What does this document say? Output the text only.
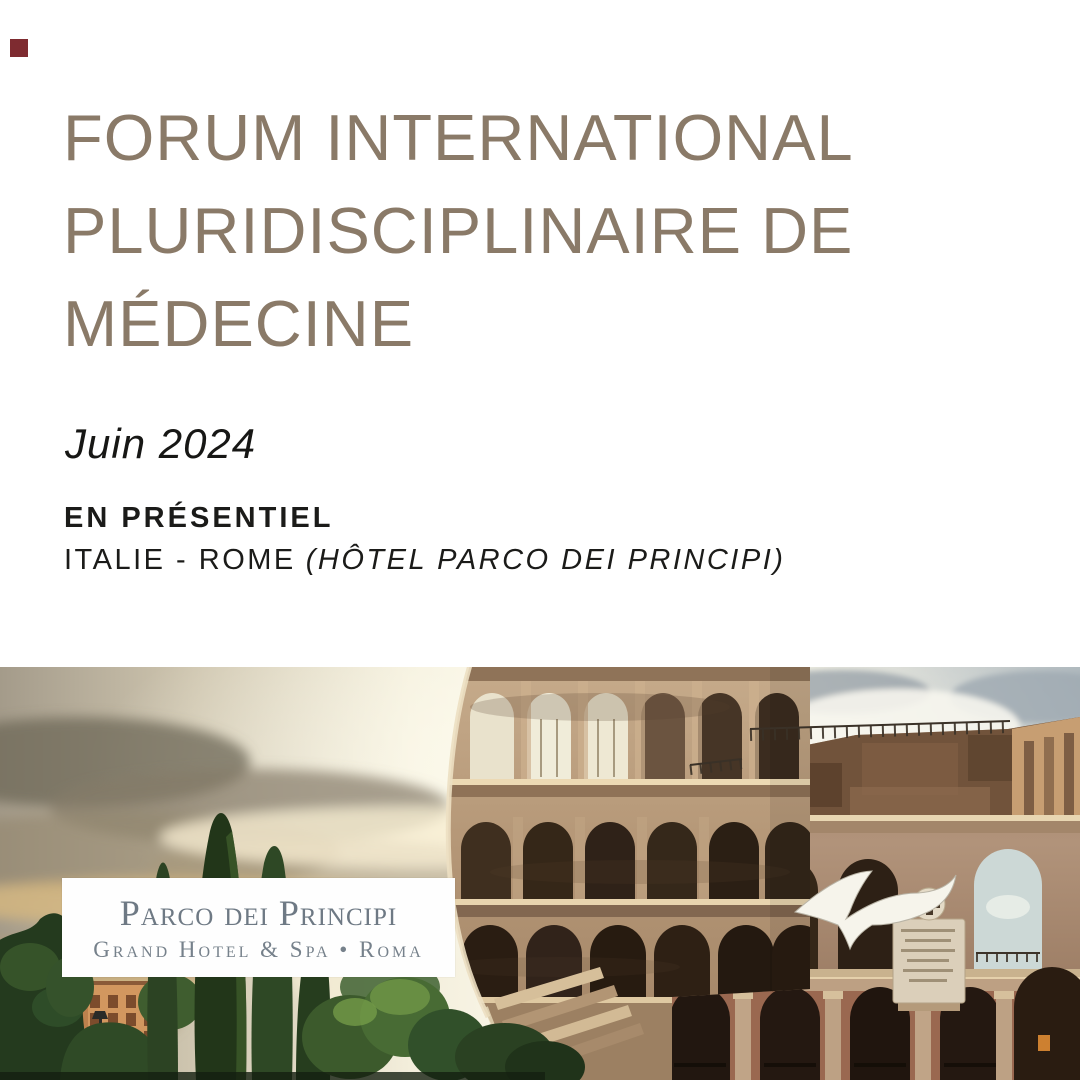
FORUM INTERNATIONAL
PLURIDISCIPLINAIRE DE
MÉDECINE
Juin 2024
EN PRÉSENTIEL
ITALIE - ROME (HÔTEL PARCO DEI PRINCIPI)
Parco dei Principi
Grand Hotel & Spa • Roma
